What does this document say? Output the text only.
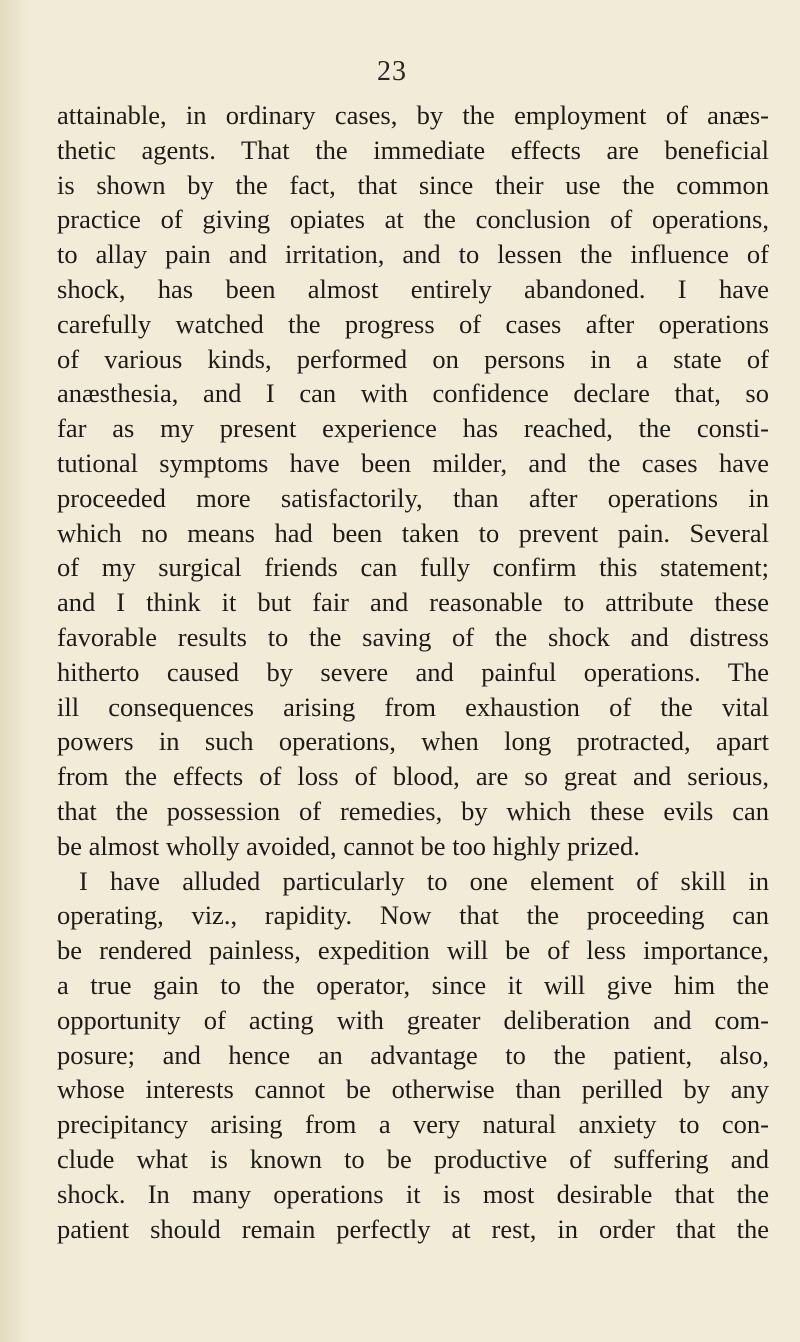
23
attainable, in ordinary cases, by the employment of anæs-
thetic agents. That the immediate effects are beneficial
is shown by the fact, that since their use the common
practice of giving opiates at the conclusion of operations,
to allay pain and irritation, and to lessen the influence of
shock, has been almost entirely abandoned. I have
carefully watched the progress of cases after operations
of various kinds, performed on persons in a state of
anæsthesia, and I can with confidence declare that, so
far as my present experience has reached, the consti-
tutional symptoms have been milder, and the cases have
proceeded more satisfactorily, than after operations in
which no means had been taken to prevent pain. Several
of my surgical friends can fully confirm this statement;
and I think it but fair and reasonable to attribute these
favorable results to the saving of the shock and distress
hitherto caused by severe and painful operations. The
ill consequences arising from exhaustion of the vital
powers in such operations, when long protracted, apart
from the effects of loss of blood, are so great and serious,
that the possession of remedies, by which these evils can
be almost wholly avoided, cannot be too highly prized.
I have alluded particularly to one element of skill in
operating, viz., rapidity. Now that the proceeding can
be rendered painless, expedition will be of less importance,
a true gain to the operator, since it will give him the
opportunity of acting with greater deliberation and com-
posure; and hence an advantage to the patient, also,
whose interests cannot be otherwise than perilled by any
precipitancy arising from a very natural anxiety to con-
clude what is known to be productive of suffering and
shock. In many operations it is most desirable that the
patient should remain perfectly at rest, in order that the
